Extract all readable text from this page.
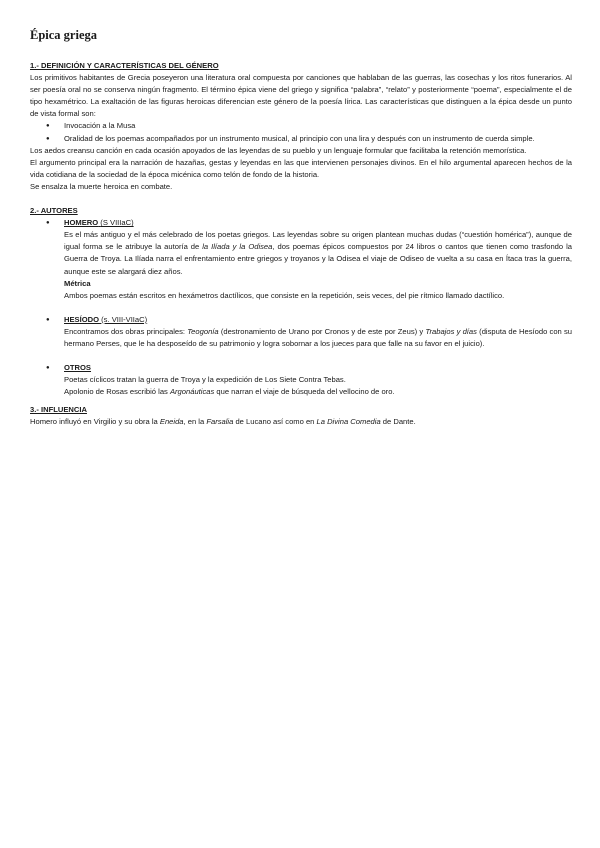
Épica griega

1.- DEFINICIÓN Y CARACTERÍSTICAS DEL GÉNERO

Los primitivos habitantes de Grecia poseyeron una literatura oral compuesta por canciones que hablaban de las guerras, las cosechas y los ritos funerarios. Al ser poesía oral no se conserva ningún fragmento. El término épica viene del griego y significa “palabra”, “relato” y posteriormente “poema”, especialmente el de tipo hexamétrico. La exaltación de las figuras heroicas diferencian este género de la poesía lírica. Las características que distinguen a la épica desde un punto de vista formal son:

● Invocación a la Musa
● Oralidad de los poemas acompañados por un instrumento musical, al principio con una lira y después con un instrumento de cuerda simple.

Los aedos creansu canción en cada ocasión apoyados de las leyendas de su pueblo y un lenguaje formular que facilitaba la retención memorística.

El argumento principal era la narración de hazañas, gestas y leyendas en las que intervienen personajes divinos. En el hilo argumental aparecen hechos de la vida cotidiana de la sociedad de la época micénica como telón de fondo de la historia.

Se ensalza la muerte heroica en combate.

2.- AUTORES

● HOMERO (S VIIIaC)
Es el más antiguo y el más celebrado de los poetas griegos. Las leyendas sobre su origen plantean muchas dudas (“cuestión homérica”), aunque de igual forma se le atribuye la autoría de la Ilíada y la Odisea, dos poemas épicos compuestos por 24 libros o cantos que tienen como trasfondo la Guerra de Troya. La Ilíada narra el enfrentamiento entre griegos y troyanos y la Odisea el viaje de Odiseo de vuelta a su casa en Ítaca tras la guerra, aunque este se alargará diez años.
Métrica
Ambos poemas están escritos en hexámetros dactílicos, que consiste en la repetición, seis veces, del pie rítmico llamado dactílico.
● HESÍODO (s. VIII-VIIaC)
Encontramos dos obras principales: Teogonía (destronamiento de Urano por Cronos y de este por Zeus) y Trabajos y días (disputa de Hesíodo con su hermano Perses, que le ha desposeído de su patrimonio y logra sobornar a los jueces para que falle na su favor en el juicio).
● OTROS
Poetas cíclicos tratan la guerra de Troya y la expedición de Los Siete Contra Tebas.
Apolonio de Rosas escribió las Argonáuticas que narran el viaje de búsqueda del vellocino de oro.

3.- INFLUENCIA

Homero influyó en Virgilio y su obra la Eneida, en la Farsalia de Lucano así como en La Divina Comedia de Dante.
